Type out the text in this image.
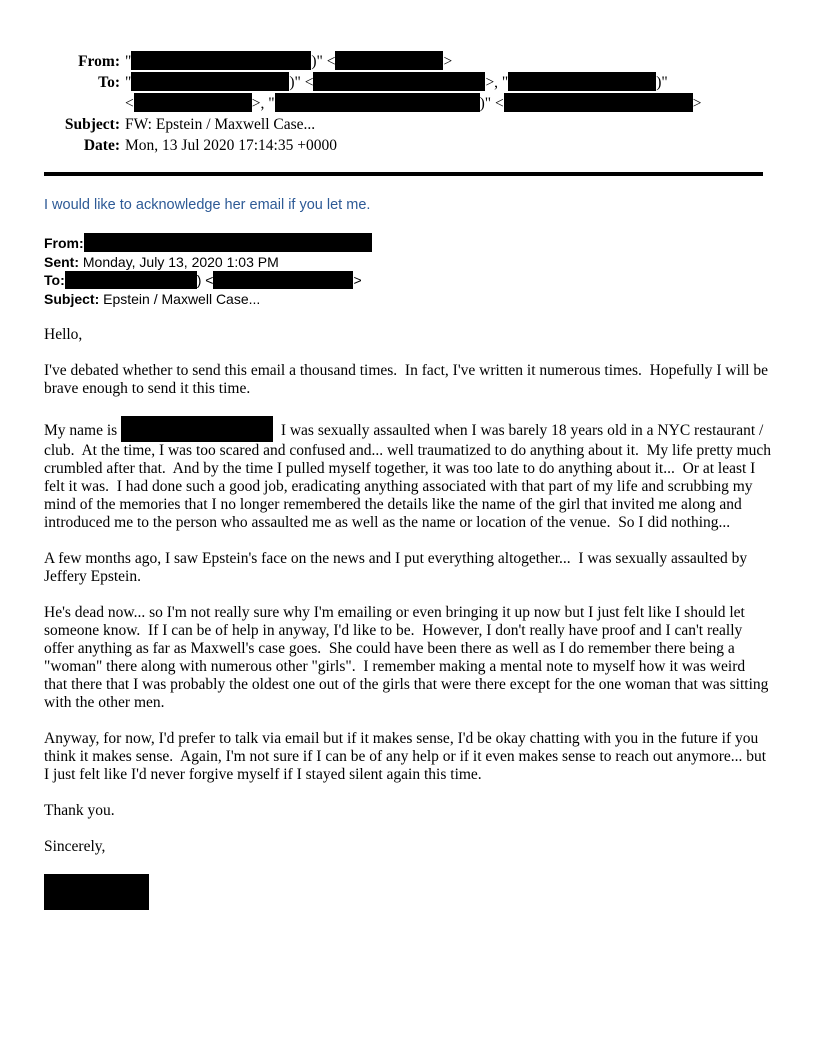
From: "	)" <	>
To: "	)" <	>, "	)"
<	>, "	)" <	>
Subject: FW: Epstein / Maxwell Case...
Date: Mon, 13 Jul 2020 17:14:35 +0000
I would like to acknowledge her email if you let me.
From:
Sent: Monday, July 13, 2020 1:03 PM
To:	) <	>
Subject: Epstein / Maxwell Case...

Hello,

I've debated whether to send this email a thousand times.  In fact, I've written it numerous times.  Hopefully I will be brave enough to send it this time.

My name is	I was sexually assaulted when I was barely 18 years old in a NYC restaurant / club.  At the time, I was too scared and confused and... well traumatized to do anything about it.  My life pretty much crumbled after that.  And by the time I pulled myself together, it was too late to do anything about it...  Or at least I felt it was.  I had done such a good job, eradicating anything associated with that part of my life and scrubbing my mind of the memories that I no longer remembered the details like the name of the girl that invited me along and introduced me to the person who assaulted me as well as the name or location of the venue.  So I did nothing...

A few months ago, I saw Epstein's face on the news and I put everything altogether...  I was sexually assaulted by Jeffery Epstein.

He's dead now... so I'm not really sure why I'm emailing or even bringing it up now but I just felt like I should let someone know.  If I can be of help in anyway, I'd like to be.  However, I don't really have proof and I can't really offer anything as far as Maxwell's case goes.  She could have been there as well as I do remember there being a "woman" there along with numerous other "girls".  I remember making a mental note to myself how it was weird that there that I was probably the oldest one out of the girls that were there except for the one woman that was sitting with the other men.

Anyway, for now, I'd prefer to talk via email but if it makes sense, I'd be okay chatting with you in the future if you think it makes sense.  Again, I'm not sure if I can be of any help or if it even makes sense to reach out anymore... but I just felt like I'd never forgive myself if I stayed silent again this time.

Thank you.

Sincerely,
